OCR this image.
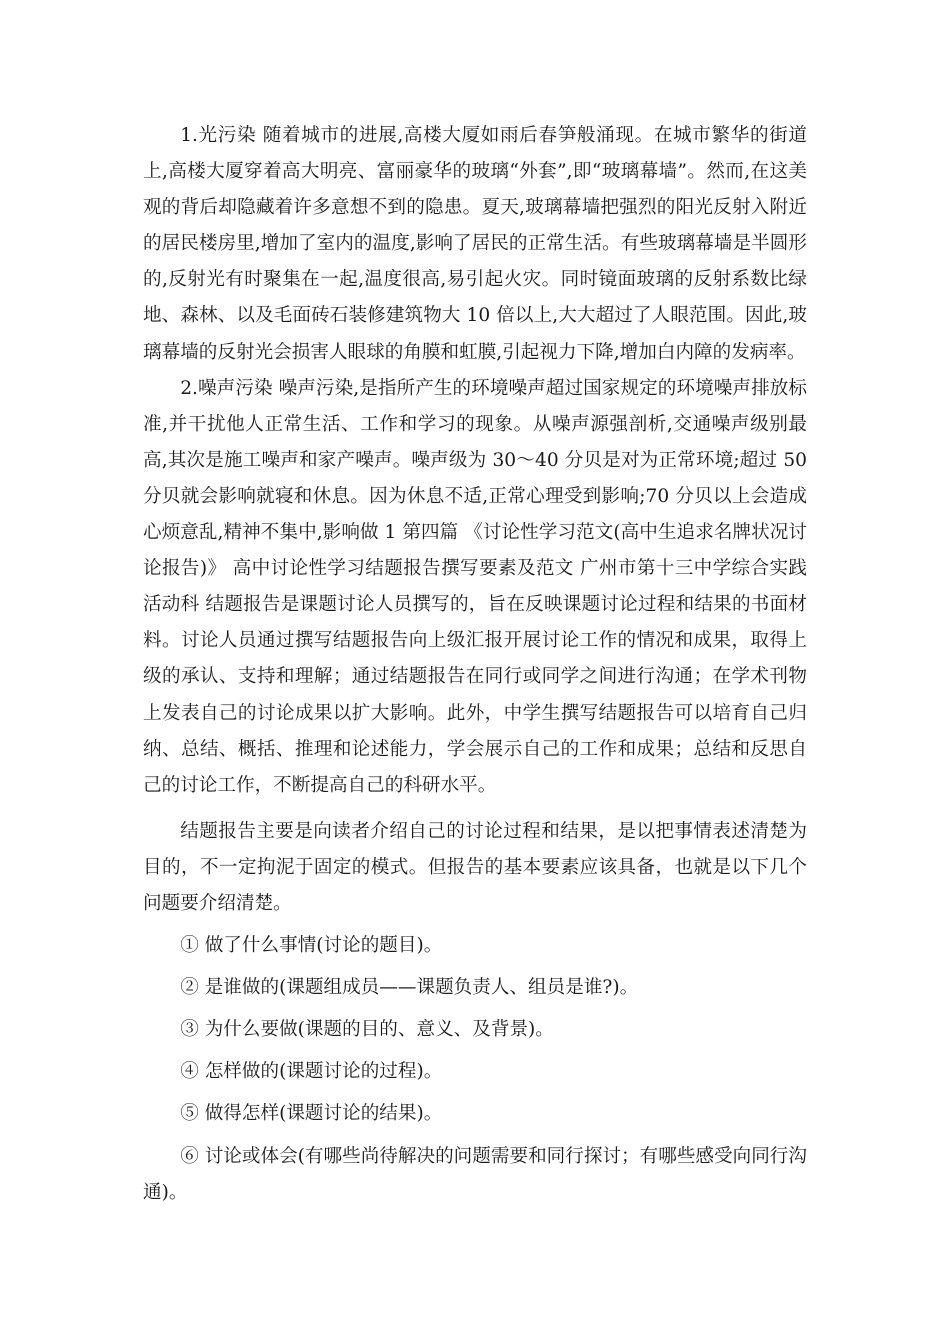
1.光污染 随着城市的进展,高楼大厦如雨后春笋般涌现。在城市繁华的街道上,高楼大厦穿着高大明亮、富丽豪华的玻璃“外套”,即“玻璃幕墙”。然而,在这美观的背后却隐藏着许多意想不到的隐患。夏天,玻璃幕墙把强烈的阳光反射入附近的居民楼房里,增加了室内的温度,影响了居民的正常生活。有些玻璃幕墙是半圆形的,反射光有时聚集在一起,温度很高,易引起火灾。同时镜面玻璃的反射系数比绿地、森林、以及毛面砖石装修建筑物大 10 倍以上,大大超过了人眼范围。因此,玻璃幕墙的反射光会损害人眼球的角膜和虹膜,引起视力下降,增加白内障的发病率。

2.噪声污染 噪声污染,是指所产生的环境噪声超过国家规定的环境噪声排放标准,并干扰他人正常生活、工作和学习的现象。从噪声源强剖析,交通噪声级别最高,其次是施工噪声和家产噪声。噪声级为 30～40 分贝是对为正常环境;超过 50 分贝就会影响就寝和休息。因为休息不适,正常心理受到影响;70 分贝以上会造成心烦意乱,精神不集中,影响做 1 第四篇 《讨论性学习范文(高中生追求名牌状况讨论报告)》 高中讨论性学习结题报告撰写要素及范文 广州市第十三中学综合实践活动科 结题报告是课题讨论人员撰写的，旨在反映课题讨论过程和结果的书面材料。讨论人员通过撰写结题报告向上级汇报开展讨论工作的情况和成果，取得上级的承认、支持和理解；通过结题报告在同行或同学之间进行沟通；在学术刊物上发表自己的讨论成果以扩大影响。此外，中学生撰写结题报告可以培育自己归纳、总结、概括、推理和论述能力，学会展示自己的工作和成果；总结和反思自己的讨论工作，不断提高自己的科研水平。

结题报告主要是向读者介绍自己的讨论过程和结果，是以把事情表述清楚为目的，不一定拘泥于固定的模式。但报告的基本要素应该具备，也就是以下几个问题要介绍清楚。

① 做了什么事情(讨论的题目)。

② 是谁做的(课题组成员——课题负责人、组员是谁?)。

③ 为什么要做(课题的目的、意义、及背景)。

④ 怎样做的(课题讨论的过程)。

⑤ 做得怎样(课题讨论的结果)。

⑥ 讨论或体会(有哪些尚待解决的问题需要和同行探讨；有哪些感受向同行沟通)。
